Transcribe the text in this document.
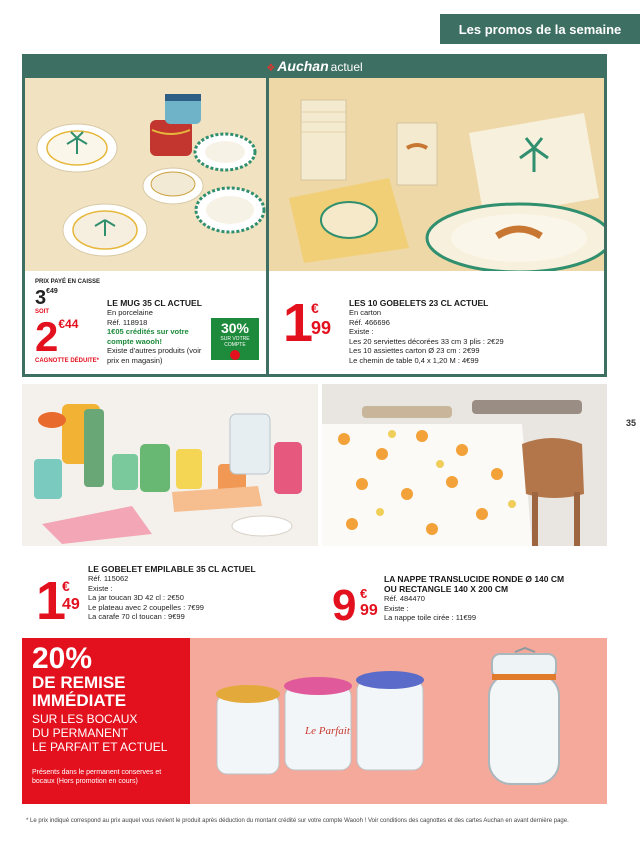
Les promos de la semaine
35
❖ Auchan actuel
PRIX PAYÉ EN CAISSE
$3^{€49}$
SOIT
$2^{€44}$
CAGNOTTE DÉDUITE*
LE MUG 35 CL ACTUEL
En porcelaine
Réf. 118918
1€05 crédités sur votre compte waooh!
Existe d'autres produits (voir prix en magasin)
30%
SUR VOTRE COMPTE 1 €
99
LES 10 GOBELETS 23 CL ACTUEL
En carton
Réf. 466696
Existe :
Les 20 serviettes décorées 33 cm 3 plis : 2€29
Les 10 assiettes carton Ø 23 cm : 2€99
Le chemin de table 0,4 x 1,20 M : 4€99
1
€
49
LE GOBELET EMPILABLE 35 CL ACTUEL
Réf. 115062
Existe :
La jar toucan 3D 42 cl : 2€50
Le plateau avec 2 coupelles : 7€99
La carafe 70 cl toucan : 9€99
LA NAPPE TRANSLUCIDE RONDE Ø 140 CM
OU RECTANGLE 140 X 200 CM
Réf. 484470
Existe :
La nappe toile cirée : 11€99
9 €
99
20%
DE REMISE
IMMÉDIATE
SUR LES BOCAUX
DU PERMANENT
LE PARFAIT ET ACTUEL
Présents dans le permanent conserves et bocaux (Hors promotion en cours)
Le Parfait
* Le prix indiqué correspond au prix auquel vous revient le produit après déduction du montant crédité sur votre compte Waooh ! Voir conditions des cagnottes et des cartes Auchan en avant dernière page.
